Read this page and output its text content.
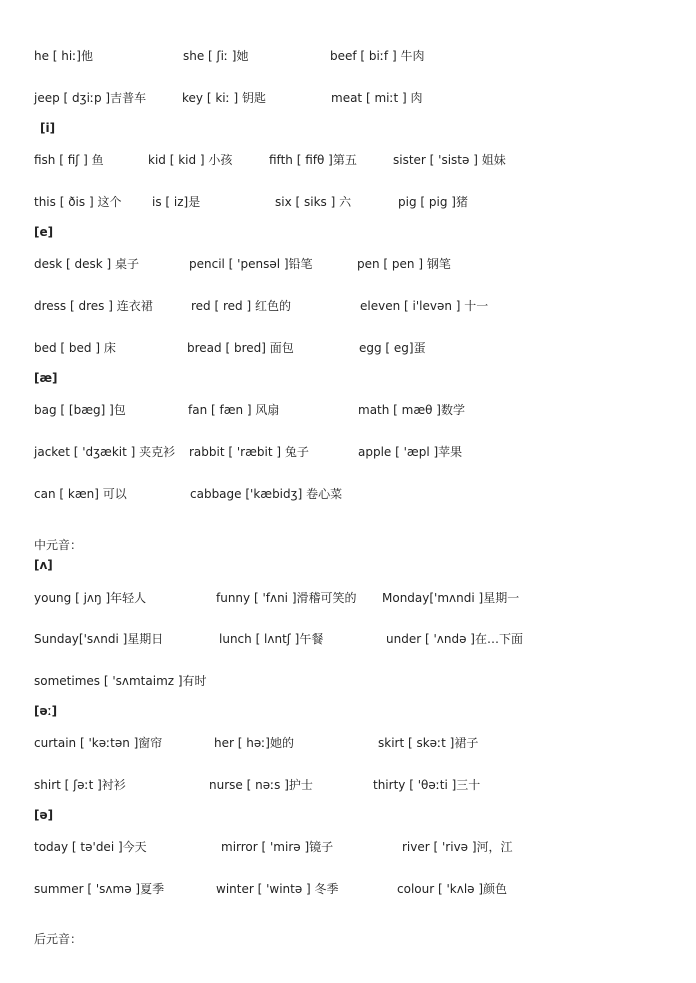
he [ hiː]他	she [ ʃiː ]她	beef [ biːf ] 牛肉
jeep [ dʒiːp ]吉普车	key [ kiː ] 钥匙	meat [ miːt ] 肉
[i]
fish [ fiʃ ] 鱼	kid [ kid ] 小孩	fifth [ fifθ ]第五	sister [ 'sistə ] 姐妹
this [ ðis ] 这个	is [ iz]是	six [ siks ] 六	pig [ pig ]猪
[e]
desk [ desk ] 桌子	pencil [ 'pensəl ]铅笔	pen [ pen ] 钢笔
dress [ dres ] 连衣裙	red [ red ] 红色的	eleven [ i'levən ] 十一
bed [ bed ] 床	bread [ bred] 面包	egg [ eg]蛋
[æ]
bag [ [bæg] ]包	fan [ fæn ] 风扇	math [ mæθ ]数学
jacket [ 'dʒækit ] 夹克衫 rabbit [ 'ræbit ] 兔子	apple [ 'æpl ]苹果
can [ kæn] 可以	cabbage ['kæbidʒ] 卷心菜
中元音：
[ʌ]
young [ jʌŋ ]年轻人	funny [ 'fʌni ]滑稽可笑的 Monday['mʌndi ]星期一
Sunday['sʌndi ]星期日	lunch [ lʌntʃ ]午餐	under [ 'ʌndə ]在…下面
sometimes [ 'sʌmtaimz ]有时
[əː]
curtain [ 'kəːtən ]窗帘	her [ həː]她的	skirt [ skəːt ]裙子
shirt [ ʃəːt ]衬衫	nurse [ nəːs ]护士	thirty [ 'θəːti ]三十
[ə]
today [ tə'dei ]今天	mirror [ 'mirə ]镜子	river [ 'rivə ]河，江
summer [ 'sʌmə ]夏季	winter [ 'wintə ] 冬季	colour [ 'kʌlə ]颜色
后元音：
